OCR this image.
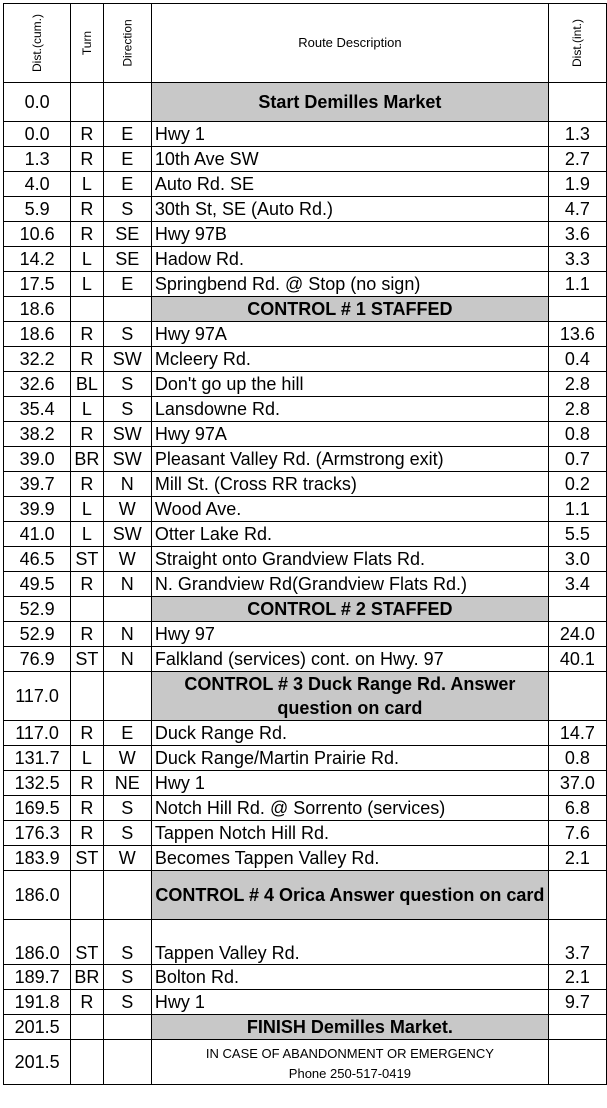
Dist.(cum.)	Turn	Direction	Route Description	Dist.(int.)
0.0			Start Demilles Market	
0.0	R	E	Hwy 1	1.3
1.3	R	E	10th Ave SW	2.7
4.0	L	E	Auto Rd. SE	1.9
5.9	R	S	30th St, SE (Auto Rd.)	4.7
10.6	R	SE	Hwy 97B	3.6
14.2	L	SE	Hadow Rd.	3.3
17.5	L	E	Springbend Rd. @ Stop (no sign)	1.1
18.6			CONTROL # 1 STAFFED	
18.6	R	S	Hwy 97A	13.6
32.2	R	SW	Mcleery Rd.	0.4
32.6	BL	S	Don't go up the hill	2.8
35.4	L	S	Lansdowne Rd.	2.8
38.2	R	SW	Hwy 97A	0.8
39.0	BR	SW	Pleasant Valley Rd. (Armstrong exit)	0.7
39.7	R	N	Mill St. (Cross RR tracks)	0.2
39.9	L	W	Wood Ave.	1.1
41.0	L	SW	Otter Lake Rd.	5.5
46.5	ST	W	Straight onto Grandview Flats Rd.	3.0
49.5	R	N	N. Grandview Rd(Grandview Flats Rd.)	3.4
52.9			CONTROL # 2 STAFFED	
52.9	R	N	Hwy 97	24.0
76.9	ST	N	Falkland (services) cont. on Hwy. 97	40.1
117.0			CONTROL # 3 Duck Range Rd. Answer question on card	
117.0	R	E	Duck Range Rd.	14.7
131.7	L	W	Duck Range/Martin Prairie Rd.	0.8
132.5	R	NE	Hwy 1	37.0
169.5	R	S	Notch Hill Rd. @ Sorrento (services)	6.8
176.3	R	S	Tappen Notch Hill Rd.	7.6
183.9	ST	W	Becomes Tappen Valley Rd.	2.1
186.0			CONTROL # 4 Orica Answer question on card	
186.0	ST	S	Tappen Valley Rd.	3.7
189.7	BR	S	Bolton Rd.	2.1
191.8	R	S	Hwy 1	9.7
201.5			FINISH Demilles Market.	
201.5			IN CASE OF ABANDONMENT OR EMERGENCY
Phone 250-517-0419	
